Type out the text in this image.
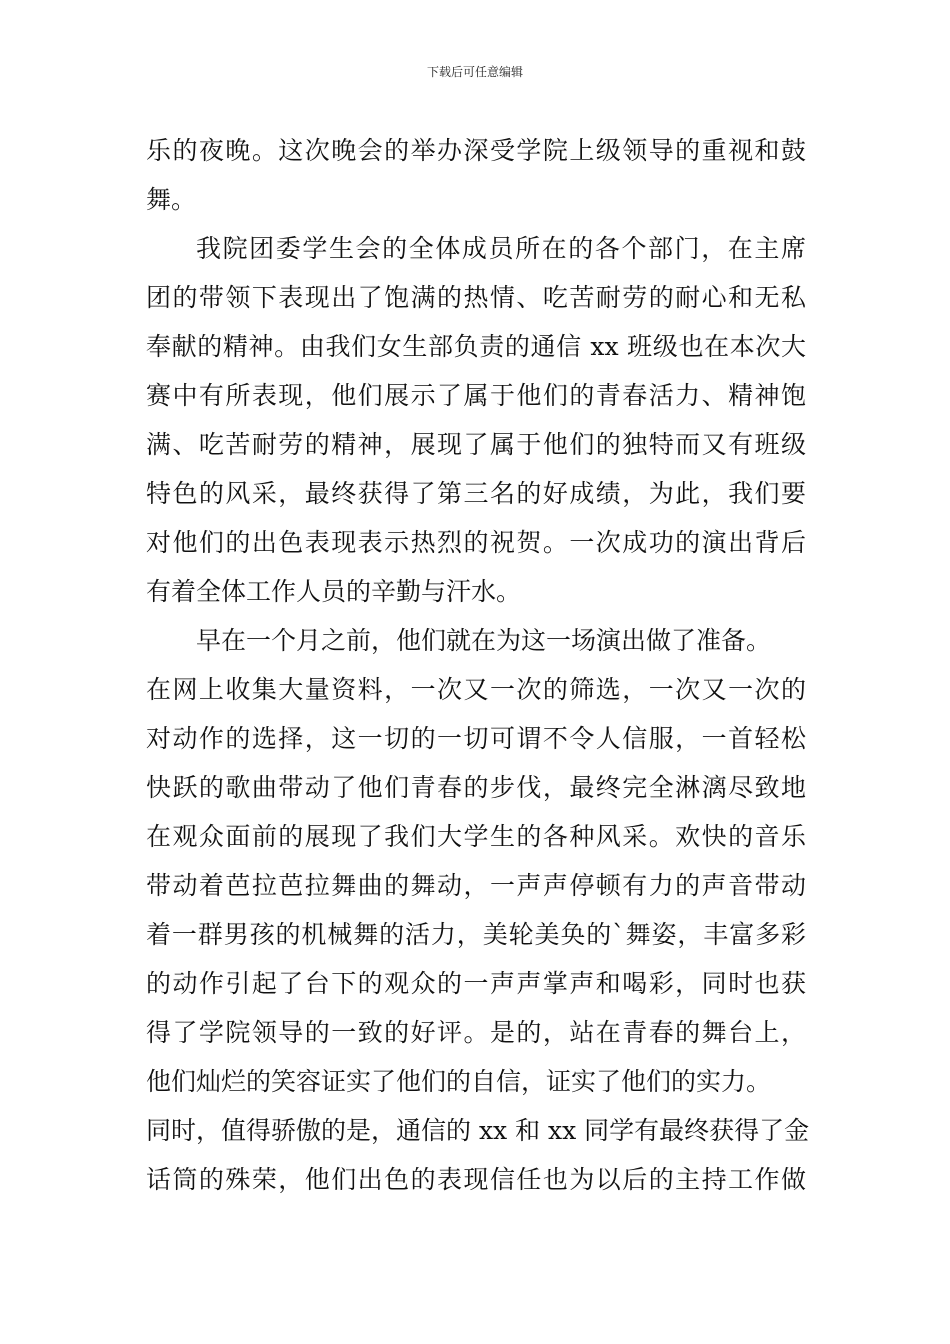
下载后可任意编辑
乐的夜晚。这次晚会的举办深受学院上级领导的重视和鼓
舞。
我院团委学生会的全体成员所在的各个部门，在主席
团的带领下表现出了饱满的热情、吃苦耐劳的耐心和无私
奉献的精神。由我们女生部负责的通信 xx 班级也在本次大
赛中有所表现，他们展示了属于他们的青春活力、精神饱
满、吃苦耐劳的精神，展现了属于他们的独特而又有班级
特色的风采，最终获得了第三名的好成绩，为此，我们要
对他们的出色表现表示热烈的祝贺。一次成功的演出背后
有着全体工作人员的辛勤与汗水。
早在一个月之前，他们就在为这一场演出做了准备。
在网上收集大量资料，一次又一次的筛选，一次又一次的
对动作的选择，这一切的一切可谓不令人信服，一首轻松
快跃的歌曲带动了他们青春的步伐，最终完全淋漓尽致地
在观众面前的展现了我们大学生的各种风采。欢快的音乐
带动着芭拉芭拉舞曲的舞动，一声声停顿有力的声音带动
着一群男孩的机械舞的活力，美轮美奂的`舞姿，丰富多彩
的动作引起了台下的观众的一声声掌声和喝彩，同时也获
得了学院领导的一致的好评。是的，站在青春的舞台上，
他们灿烂的笑容证实了他们的自信，证实了他们的实力。
同时，值得骄傲的是，通信的 xx 和 xx 同学有最终获得了金
话筒的殊荣，他们出色的表现信任也为以后的主持工作做
